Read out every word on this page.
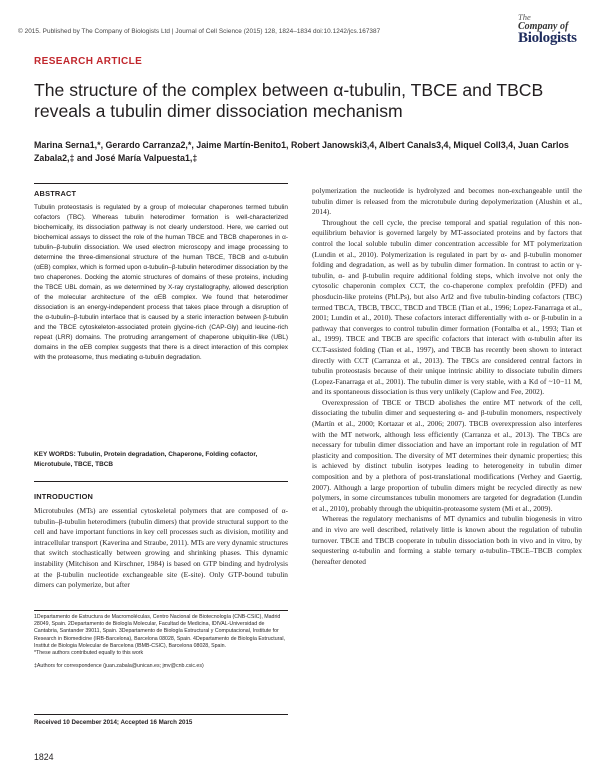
© 2015. Published by The Company of Biologists Ltd | Journal of Cell Science (2015) 128, 1824–1834 doi:10.1242/jcs.167387
The
Company of
Biologists
RESEARCH ARTICLE
The structure of the complex between α-tubulin, TBCE and TBCB reveals a tubulin dimer dissociation mechanism
Marina Serna1,*, Gerardo Carranza2,*, Jaime Martín-Benito1, Robert Janowski3,4, Albert Canals3,4, Miquel Coll3,4, Juan Carlos Zabala2,‡ and José María Valpuesta1,‡
ABSTRACT
Tubulin proteostasis is regulated by a group of molecular chaperones termed tubulin cofactors (TBC). Whereas tubulin heterodimer formation is well-characterized biochemically, its dissociation pathway is not clearly understood. Here, we carried out biochemical assays to dissect the role of the human TBCE and TBCB chaperones in α-tubulin–β-tubulin dissociation. We used electron microscopy and image processing to determine the three-dimensional structure of the human TBCE, TBCB and α-tubulin (αEB) complex, which is formed upon α-tubulin–β-tubulin heterodimer dissociation by the two chaperones. Docking the atomic structures of domains of these proteins, including the TBCE UBL domain, as we determined by X-ray crystallography, allowed description of the molecular architecture of the αEB complex. We found that heterodimer dissociation is an energy-independent process that takes place through a disruption of the α-tubulin–β-tubulin interface that is caused by a steric interaction between β-tubulin and the TBCE cytoskeleton-associated protein glycine-rich (CAP-Gly) and leucine-rich repeat (LRR) domains. The protruding arrangement of chaperone ubiquitin-like (UBL) domains in the αEB complex suggests that there is a direct interaction of this complex with the proteasome, thus mediating α-tubulin degradation.
KEY WORDS: Tubulin, Protein degradation, Chaperone, Folding cofactor, Microtubule, TBCE, TBCB
INTRODUCTION

Microtubules (MTs) are essential cytoskeletal polymers that are composed of α-tubulin–β-tubulin heterodimers (tubulin dimers) that provide structural support to the cell and have important functions in key cell processes such as division, motility and intracellular transport (Kaverina and Straube, 2011). MTs are very dynamic structures that switch stochastically between growing and shrinking phases. This dynamic instability (Mitchison and Kirschner, 1984) is based on GTP binding and hydrolysis at the β-tubulin nucleotide exchangeable site (E-site). Only GTP-bound tubulin dimers can polymerize, but after

1Departamento de Estructura de Macromoléculas, Centro Nacional de Biotecnología (CNB-CSIC), Madrid 28049, Spain. 2Departamento de Biología Molecular, Facultad de Medicina, IDIVAL-Universidad de Cantabria, Santander 39011, Spain. 3Departamento de Biología Estructural y Computacional, Institute for Research in Biomedicine (IRB-Barcelona), Barcelona 08028, Spain. 4Departamento de Biología Estructural, Institut de Biologia Molecular de Barcelona (IBMB-CSIC), Barcelona 08028, Spain.

*These authors contributed equally to this work

‡Authors for correspondence (juan.zabala@unican.es; jmv@cnb.csic.es)

Received 10 December 2014; Accepted 16 March 2015
1824

polymerization the nucleotide is hydrolyzed and becomes non-exchangeable until the tubulin dimer is released from the microtubule during depolymerization (Alushin et al., 2014).

Throughout the cell cycle, the precise temporal and spatial regulation of this non-equilibrium behavior is governed largely by MT-associated proteins and by factors that control the local soluble tubulin dimer concentration accessible for MT polymerization (Lundin et al., 2010). Polymerization is regulated in part by α- and β-tubulin monomer folding and degradation, as well as by tubulin dimer formation. In contrast to actin or γ-tubulin, α- and β-tubulin require additional folding steps, which involve not only the cytosolic chaperonin complex CCT, the co-chaperone complex prefoldin (PFD) and phosducin-like proteins (PhLPs), but also Arl2 and five tubulin-binding cofactors (TBC) termed TBCA, TBCB, TBCC, TBCD and TBCE (Tian et al., 1996; Lopez-Fanarraga et al., 2001; Lundin et al., 2010). These cofactors interact differentially with α- or β-tubulin in a pathway that converges to control tubulin dimer formation (Fontalba et al., 1993; Tian et al., 1999). TBCE and TBCB are specific cofactors that interact with α-tubulin after its CCT-assisted folding (Tian et al., 1997), and TBCB has recently been shown to interact directly with CCT (Carranza et al., 2013). The TBCs are considered central factors in tubulin proteostasis because of their unique intrinsic ability to dissociate tubulin dimers (Lopez-Fanarraga et al., 2001). The tubulin dimer is very stable, with a Kd of ~10−11 M, and its spontaneous dissociation is thus very unlikely (Caplow and Fee, 2002).

Overexpression of TBCE or TBCD abolishes the entire MT network of the cell, dissociating the tubulin dimer and sequestering α- and β-tubulin monomers, respectively (Martín et al., 2000; Kortazar et al., 2006; 2007). TBCB overexpression also interferes with the MT network, although less efficiently (Carranza et al., 2013). The TBCs are necessary for tubulin dimer dissociation and have an important role in regulation of MT plasticity and composition. The diversity of MT determines their dynamic properties; this is achieved by distinct tubulin isotypes leading to heterogeneity in tubulin dimer composition and by a plethora of post-translational modifications (Verhey and Gaertig, 2007). Although a large proportion of tubulin dimers might be recycled directly as new polymers, in some circumstances tubulin monomers are targeted for degradation (Lundin et al., 2010), probably through the ubiquitin-proteasome system (Mi et al., 2009).

Whereas the regulatory mechanisms of MT dynamics and tubulin biogenesis in vitro and in vivo are well described, relatively little is known about the regulation of tubulin turnover. TBCE and TBCB cooperate in tubulin dissociation both in vivo and in vitro, by sequestering α-tubulin and forming a stable ternary α-tubulin–TBCE–TBCB complex (hereafter denoted
